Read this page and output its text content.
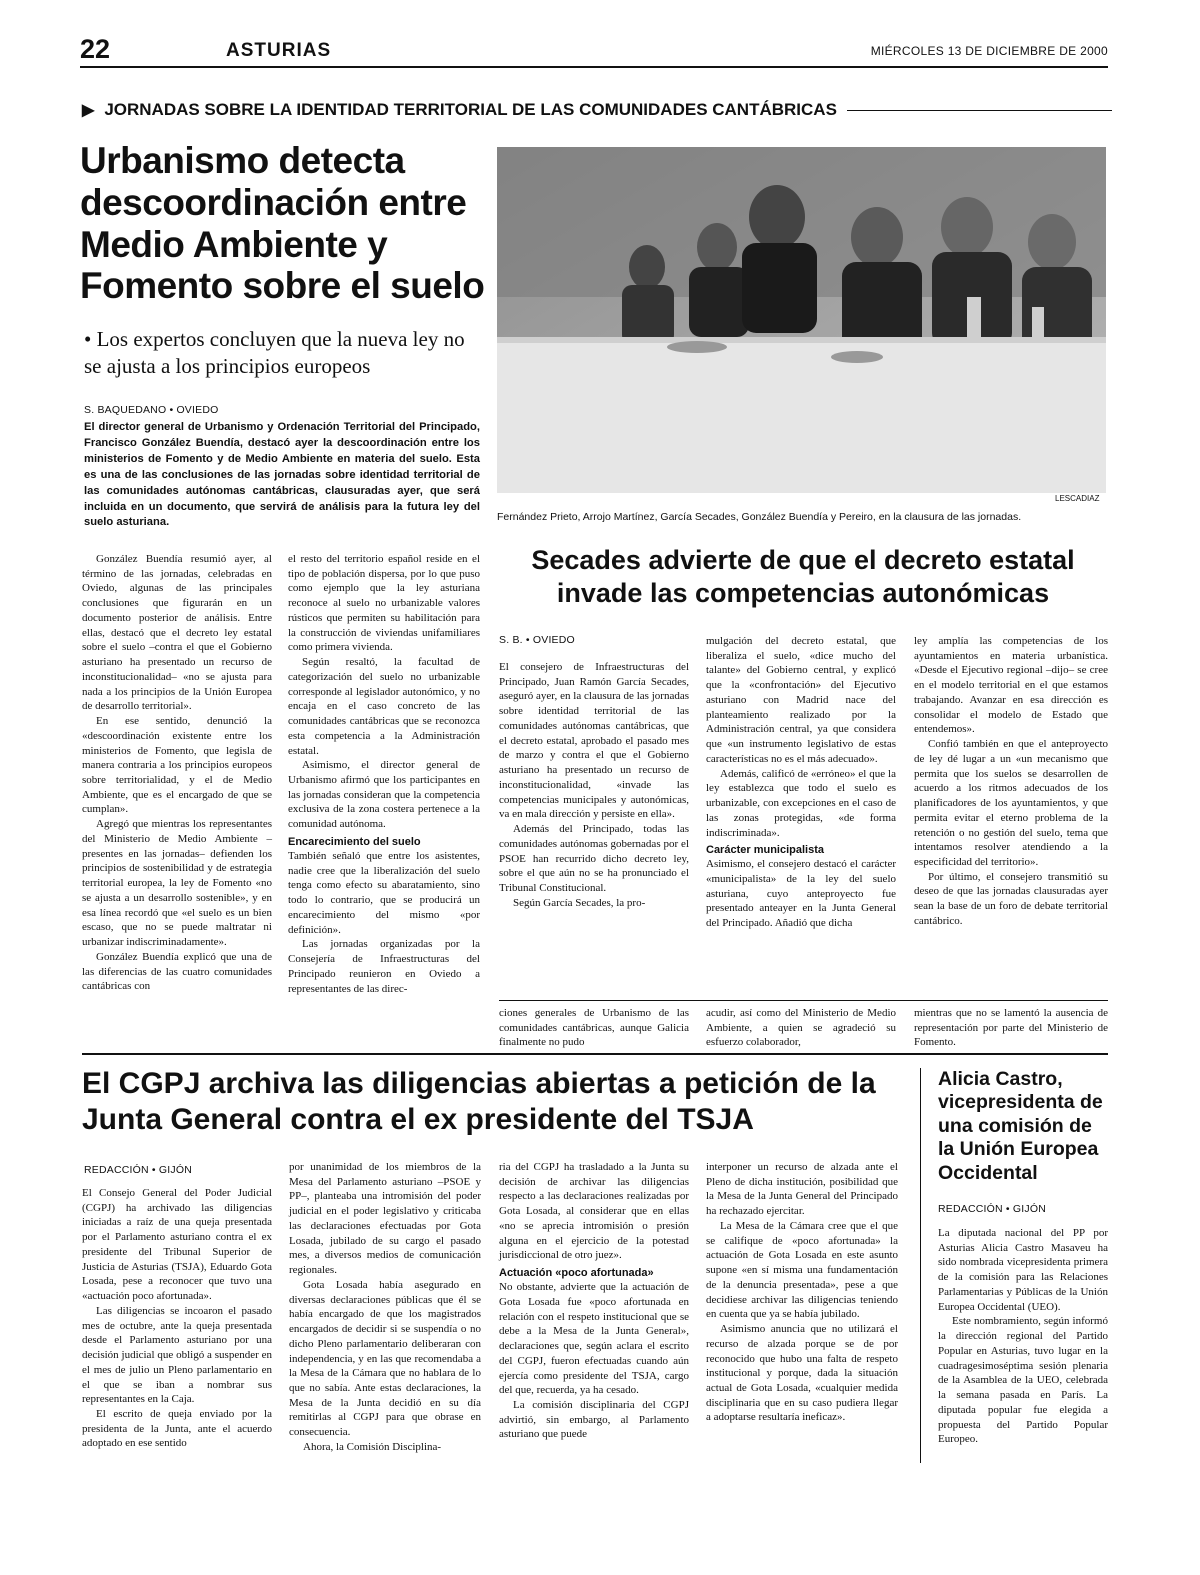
22	ASTURIAS	MIÉRCOLES 13 DE DICIEMBRE DE 2000
▶ JORNADAS SOBRE LA IDENTIDAD TERRITORIAL DE LAS COMUNIDADES CANTÁBRICAS
Urbanismo detecta descoordinación entre Medio Ambiente y Fomento sobre el suelo
• Los expertos concluyen que la nueva ley no se ajusta a los principios europeos
S. BAQUEDANO • OVIEDO

El director general de Urbanismo y Ordenación Territorial del Principado, Francisco González Buendía, destacó ayer la descoordinación entre los ministerios de Fomento y de Medio Ambiente en materia del suelo. Esta es una de las conclusiones de las jornadas sobre identidad territorial de las comunidades autónomas cantábricas, clausuradas ayer, que será incluida en un documento, que servirá de análisis para la futura ley del suelo asturiana.

LESCADIAZ
Fernández Prieto, Arrojo Martínez, García Secades, González Buendía y Pereiro, en la clausura de las jornadas.

González Buendía resumió ayer, al término de las jornadas, celebradas en Oviedo, algunas de las principales conclusiones que figurarán en un documento posterior de análisis. Entre ellas, destacó que el decreto ley estatal sobre el suelo –contra el que el Gobierno asturiano ha presentado un recurso de inconstitucionalidad– «no se ajusta para nada a los principios de la Unión Europea de desarrollo territorial».

En ese sentido, denunció la «descoordinación existente entre los ministerios de Fomento, que legisla de manera contraria a los principios europeos sobre territorialidad, y el de Medio Ambiente, que es el encargado de que se cumplan».

Agregó que mientras los representantes del Ministerio de Medio Ambiente –presentes en las jornadas– defienden los principios de sostenibilidad y de estrategia territorial europea, la ley de Fomento «no se ajusta a un desarrollo sostenible», y en esa línea recordó que «el suelo es un bien escaso, que no se puede maltratar ni urbanizar indiscriminadamente».

González Buendía explicó que una de las diferencias de las cuatro comunidades cantábricas con

el resto del territorio español reside en el tipo de población dispersa, por lo que puso como ejemplo que la ley asturiana reconoce al suelo no urbanizable valores rústicos que permiten su habilitación para la construcción de viviendas unifamiliares como primera vivienda.

Según resaltó, la facultad de categorización del suelo no urbanizable corresponde al legislador autonómico, y no encaja en el caso concreto de las comunidades cantábricas que se reconozca esta competencia a la Administración estatal.

Asimismo, el director general de Urbanismo afirmó que los participantes en las jornadas consideran que la competencia exclusiva de la zona costera pertenece a la comunidad autónoma.

Encarecimiento del suelo

También señaló que entre los asistentes, nadie cree que la liberalización del suelo tenga como efecto su abaratamiento, sino todo lo contrario, que se producirá un encarecimiento del mismo «por definición».

Las jornadas organizadas por la Consejería de Infraestructuras del Principado reunieron en Oviedo a representantes de las direc-

Secades advierte de que el decreto estatal invade las competencias autonómicas
S. B. • OVIEDO

El consejero de Infraestructuras del Principado, Juan Ramón García Secades, aseguró ayer, en la clausura de las jornadas sobre identidad territorial de las comunidades autónomas cantábricas, que el decreto estatal, aprobado el pasado mes de marzo y contra el que el Gobierno asturiano ha presentado un recurso de inconstitucionalidad, «invade las competencias municipales y autonómicas, va en mala dirección y persiste en ella».

Además del Principado, todas las comunidades autónomas gobernadas por el PSOE han recurrido dicho decreto ley, sobre el que aún no se ha pronunciado el Tribunal Constitucional.

Según García Secades, la pro-

mulgación del decreto estatal, que liberaliza el suelo, «dice mucho del talante» del Gobierno central, y explicó que la «confrontación» del Ejecutivo asturiano con Madrid nace del planteamiento realizado por la Administración central, ya que considera que «un instrumento legislativo de estas características no es el más adecuado».

Además, calificó de «erróneo» el que la ley establezca que todo el suelo es urbanizable, con excepciones en el caso de las zonas protegidas, «de forma indiscriminada».

Carácter municipalista

Asimismo, el consejero destacó el carácter «municipalista» de la ley del suelo asturiana, cuyo anteproyecto fue presentado anteayer en la Junta General del Principado. Añadió que dicha

ley amplía las competencias de los ayuntamientos en materia urbanística. «Desde el Ejecutivo regional –dijo– se cree en el modelo territorial en el que estamos trabajando. Avanzar en esa dirección es consolidar el modelo de Estado que entendemos».

Confió también en que el anteproyecto de ley dé lugar a un «un mecanismo que permita que los suelos se desarrollen de acuerdo a los ritmos adecuados de los planificadores de los ayuntamientos, y que permita evitar el eterno problema de la retención o no gestión del suelo, tema que intentamos resolver atendiendo a la especificidad del territorio».

Por último, el consejero transmitió su deseo de que las jornadas clausuradas ayer sean la base de un foro de debate territorial cantábrico.

ciones generales de Urbanismo de las comunidades cantábricas, aunque Galicia finalmente no pudo

acudir, así como del Ministerio de Medio Ambiente, a quien se agradeció su esfuerzo colaborador,

mientras que no se lamentó la ausencia de representación por parte del Ministerio de Fomento.

El CGPJ archiva las diligencias abiertas a petición de la Junta General contra el ex presidente del TSJA
REDACCIÓN • GIJÓN

El Consejo General del Poder Judicial (CGPJ) ha archivado las diligencias iniciadas a raíz de una queja presentada por el Parlamento asturiano contra el ex presidente del Tribunal Superior de Justicia de Asturias (TSJA), Eduardo Gota Losada, pese a reconocer que tuvo una «actuación poco afortunada».

Las diligencias se incoaron el pasado mes de octubre, ante la queja presentada desde el Parlamento asturiano por una decisión judicial que obligó a suspender en el mes de julio un Pleno parlamentario en el que se iban a nombrar sus representantes en la Caja.

El escrito de queja enviado por la presidenta de la Junta, ante el acuerdo adoptado en ese sentido

por unanimidad de los miembros de la Mesa del Parlamento asturiano –PSOE y PP–, planteaba una intromisión del poder judicial en el poder legislativo y criticaba las declaraciones efectuadas por Gota Losada, jubilado de su cargo el pasado mes, a diversos medios de comunicación regionales.

Gota Losada había asegurado en diversas declaraciones públicas que él se había encargado de que los magistrados encargados de decidir si se suspendía o no dicho Pleno parlamentario deliberaran con independencia, y en las que recomendaba a la Mesa de la Cámara que no hablara de lo que no sabía. Ante estas declaraciones, la Mesa de la Junta decidió en su día remitirlas al CGPJ para que obrase en consecuencia.

Ahora, la Comisión Disciplina-

ria del CGPJ ha trasladado a la Junta su decisión de archivar las diligencias respecto a las declaraciones realizadas por Gota Losada, al considerar que en ellas «no se aprecia intromisión o presión alguna en el ejercicio de la potestad jurisdiccional de otro juez».

Actuación «poco afortunada»

No obstante, advierte que la actuación de Gota Losada fue «poco afortunada en relación con el respeto institucional que se debe a la Mesa de la Junta General», declaraciones que, según aclara el escrito del CGPJ, fueron efectuadas cuando aún ejercía como presidente del TSJA, cargo del que, recuerda, ya ha cesado.

La comisión disciplinaria del CGPJ advirtió, sin embargo, al Parlamento asturiano que puede

interponer un recurso de alzada ante el Pleno de dicha institución, posibilidad que la Mesa de la Junta General del Principado ha rechazado ejercitar.

La Mesa de la Cámara cree que el que se califique de «poco afortunada» la actuación de Gota Losada en este asunto supone «en sí misma una fundamentación de la denuncia presentada», pese a que decidiese archivar las diligencias teniendo en cuenta que ya se había jubilado.

Asimismo anuncia que no utilizará el recurso de alzada porque se de por reconocido que hubo una falta de respeto institucional y porque, dada la situación actual de Gota Losada, «cualquier medida disciplinaria que en su caso pudiera llegar a adoptarse resultaría ineficaz».

Alicia Castro, vicepresidenta de una comisión de la Unión Europea Occidental
REDACCIÓN • GIJÓN

La diputada nacional del PP por Asturias Alicia Castro Masaveu ha sido nombrada vicepresidenta primera de la comisión para las Relaciones Parlamentarias y Públicas de la Unión Europea Occidental (UEO).

Este nombramiento, según informó la dirección regional del Partido Popular en Asturias, tuvo lugar en la cuadragesimoséptima sesión plenaria de la Asamblea de la UEO, celebrada la semana pasada en París. La diputada popular fue elegida a propuesta del Partido Popular Europeo.
